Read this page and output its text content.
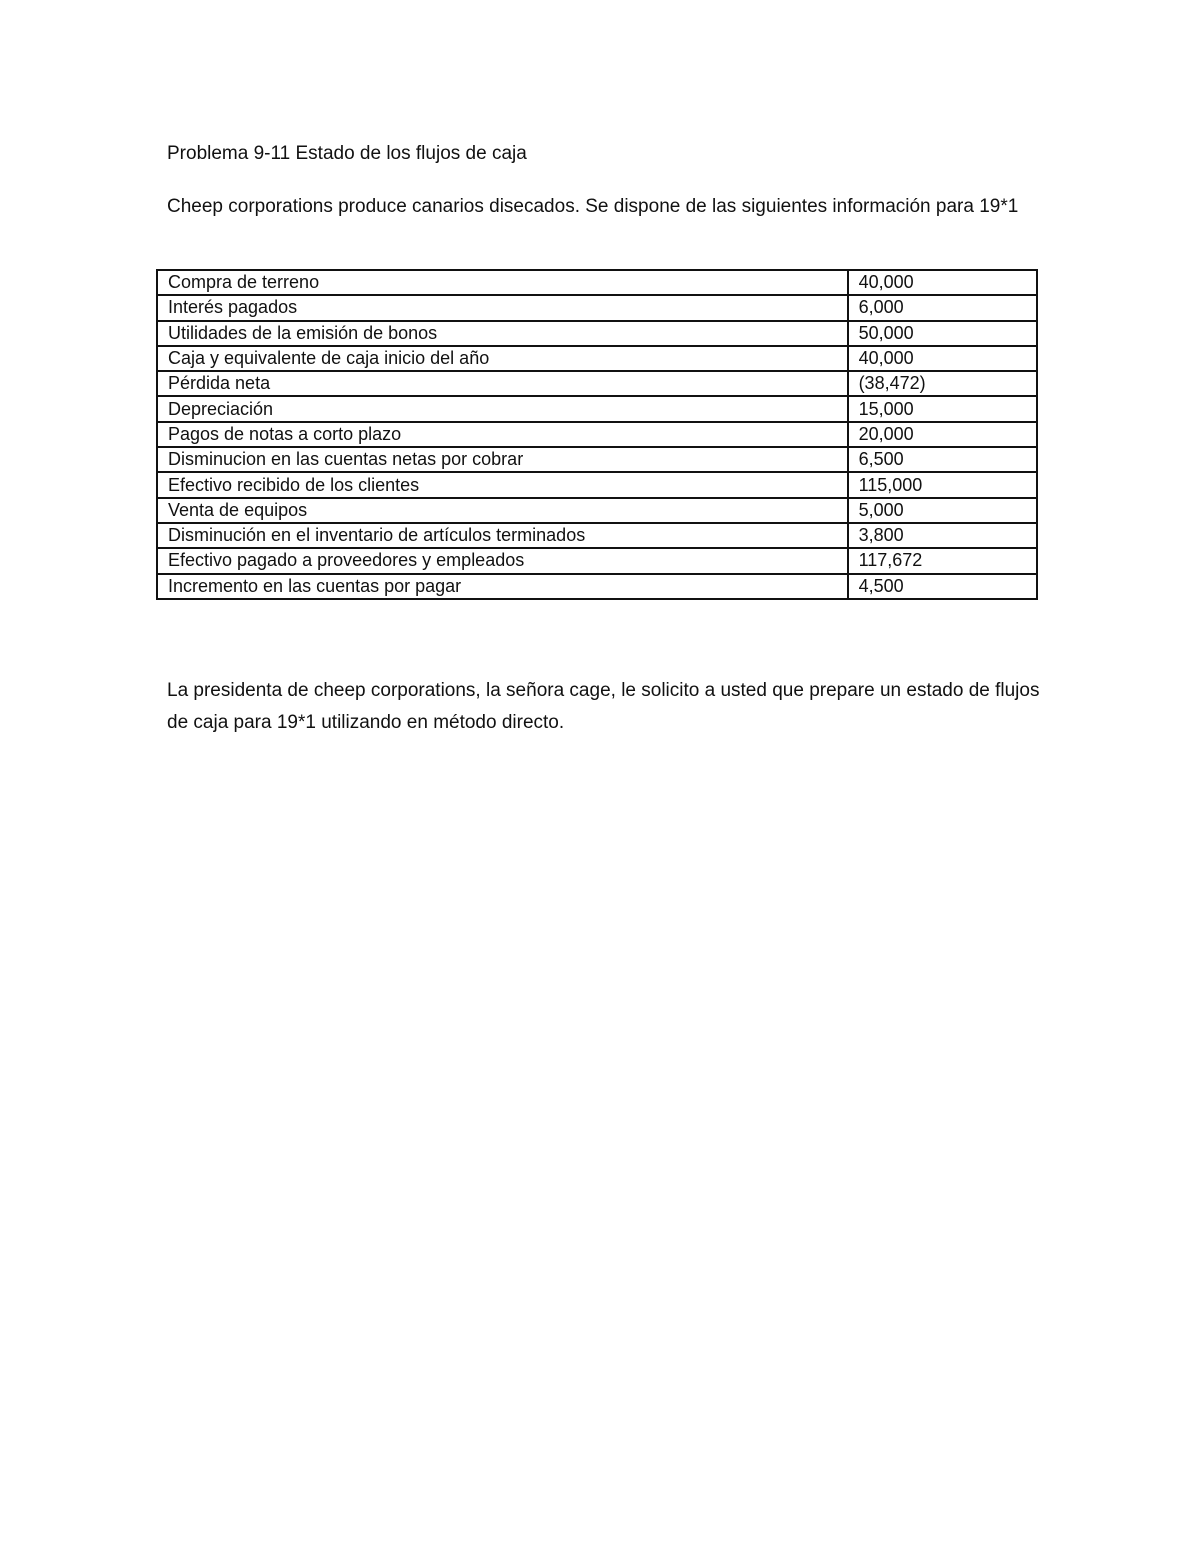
Problema 9-11 Estado de los flujos de caja
Cheep corporations produce canarios disecados. Se dispone de las siguientes información para 19*1
Compra de terreno	40,000
Interés pagados	6,000
Utilidades de la emisión de bonos	50,000
Caja y equivalente de caja inicio del año	40,000
Pérdida neta	(38,472)
Depreciación	15,000
Pagos de notas a corto plazo	20,000
Disminucion en las cuentas netas por cobrar	6,500
Efectivo recibido de los clientes	115,000
Venta de equipos	5,000
Disminución en el inventario de artículos terminados	3,800
Efectivo pagado a proveedores y empleados	117,672
Incremento en las cuentas por pagar	4,500
La presidenta de cheep corporations, la señora cage, le solicito a usted que prepare un estado de flujos de caja para 19*1 utilizando en método directo.
